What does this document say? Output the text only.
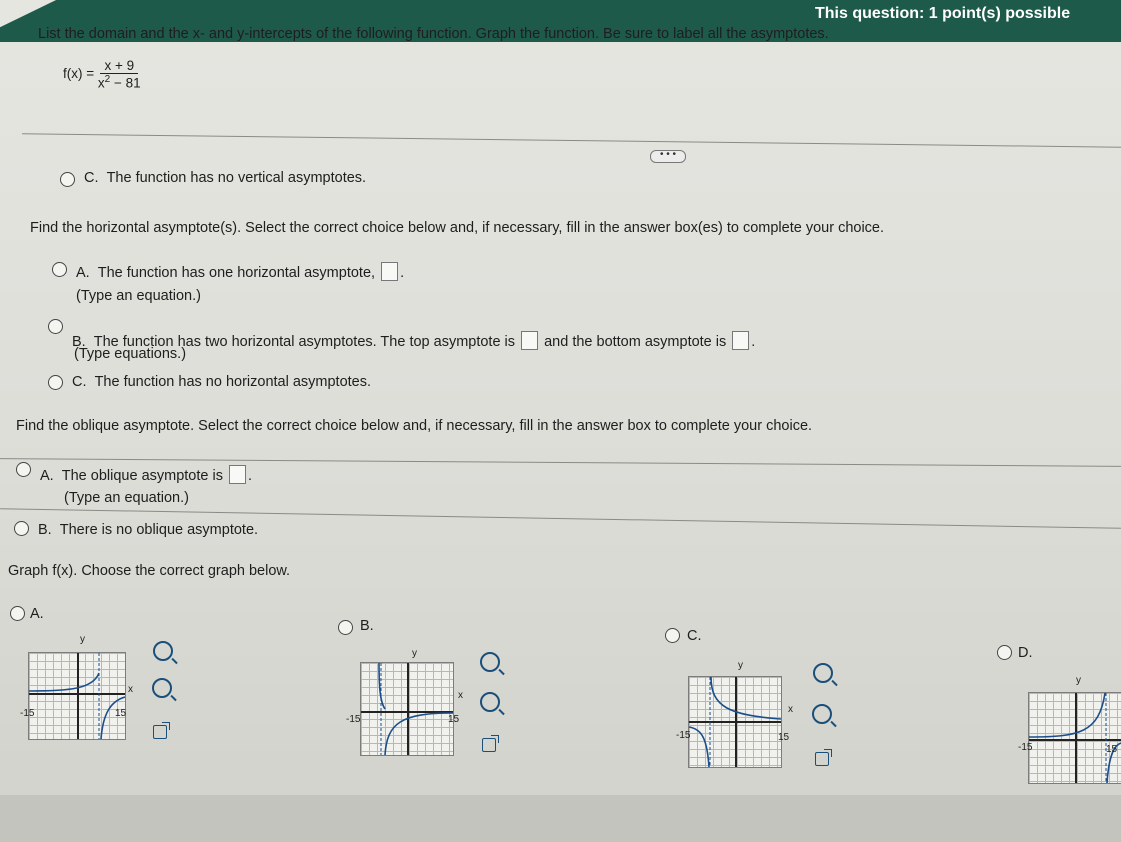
This question: 1 point(s) possible
List the domain and the x- and y-intercepts of the following function. Graph the function. Be sure to label all the asymptotes.
$f(x) = \frac{x + 9}{x^2 - 81}$
• • •
C. The function has no vertical asymptotes.
Find the horizontal asymptote(s). Select the correct choice below and, if necessary, fill in the answer box(es) to complete your choice.
A. The function has one horizontal asymptote, .
(Type an equation.)
B. The function has two horizontal asymptotes. The top asymptote is and the bottom asymptote is .
(Type equations.)
C. The function has no horizontal asymptotes.
Find the oblique asymptote. Select the correct choice below and, if necessary, fill in the answer box to complete your choice.
A. The oblique asymptote is .
(Type an equation.)
B. There is no oblique asymptote.
Graph f(x). Choose the correct graph below.
A.
y
x
-15	15
B.
y
x
-15	15
C.
y
x
-15	15
D.
y
-15	15
